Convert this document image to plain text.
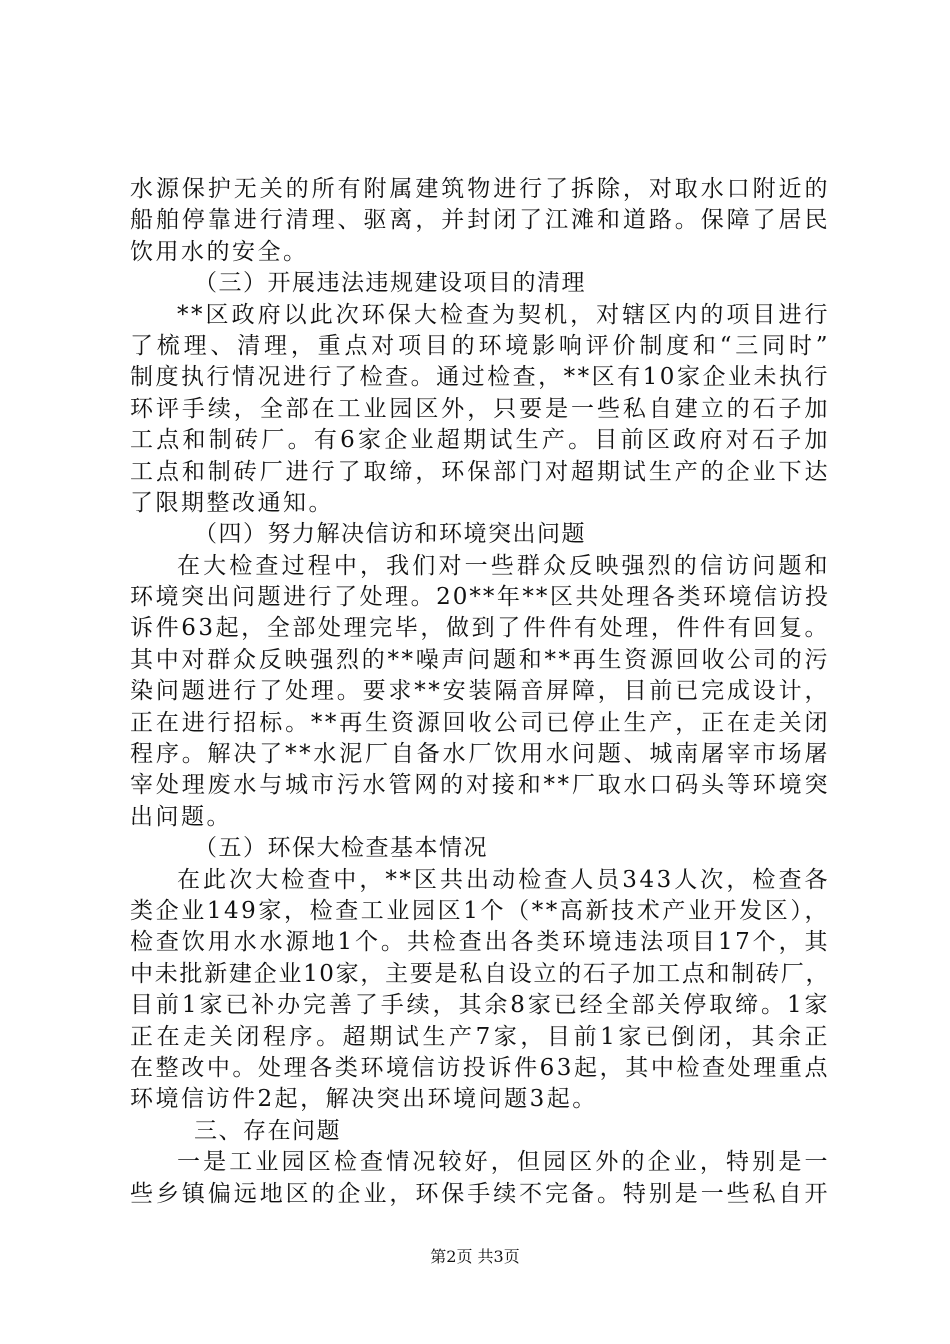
水源保护无关的所有附属建筑物进行了拆除，对取水口附近的
船舶停靠进行清理、驱离，并封闭了江滩和道路。保障了居民
饮用水的安全。
（三）开展违法违规建设项目的清理
**区政府以此次环保大检查为契机，对辖区内的项目进行
了梳理、清理，重点对项目的环境影响评价制度和“三同时”
制度执行情况进行了检查。通过检查，**区有10家企业未执行
环评手续，全部在工业园区外，只要是一些私自建立的石子加
工点和制砖厂。有6家企业超期试生产。目前区政府对石子加
工点和制砖厂进行了取缔，环保部门对超期试生产的企业下达
了限期整改通知。
（四）努力解决信访和环境突出问题
在大检查过程中，我们对一些群众反映强烈的信访问题和
环境突出问题进行了处理。20**年**区共处理各类环境信访投
诉件63起，全部处理完毕，做到了件件有处理，件件有回复。
其中对群众反映强烈的**噪声问题和**再生资源回收公司的污
染问题进行了处理。要求**安装隔音屏障，目前已完成设计，
正在进行招标。**再生资源回收公司已停止生产，正在走关闭
程序。解决了**水泥厂自备水厂饮用水问题、城南屠宰市场屠
宰处理废水与城市污水管网的对接和**厂取水口码头等环境突
出问题。
（五）环保大检查基本情况
在此次大检查中，**区共出动检查人员343人次，检查各
类企业149家，检查工业园区1个（**高新技术产业开发区），
检查饮用水水源地1个。共检查出各类环境违法项目17个，其
中未批新建企业10家，主要是私自设立的石子加工点和制砖厂，
目前1家已补办完善了手续，其余8家已经全部关停取缔。1家
正在走关闭程序。超期试生产7家，目前1家已倒闭，其余正
在整改中。处理各类环境信访投诉件63起，其中检查处理重点
环境信访件2起，解决突出环境问题3起。
三、存在问题
一是工业园区检查情况较好，但园区外的企业，特别是一
些乡镇偏远地区的企业，环保手续不完备。特别是一些私自开
第2页 共3页
